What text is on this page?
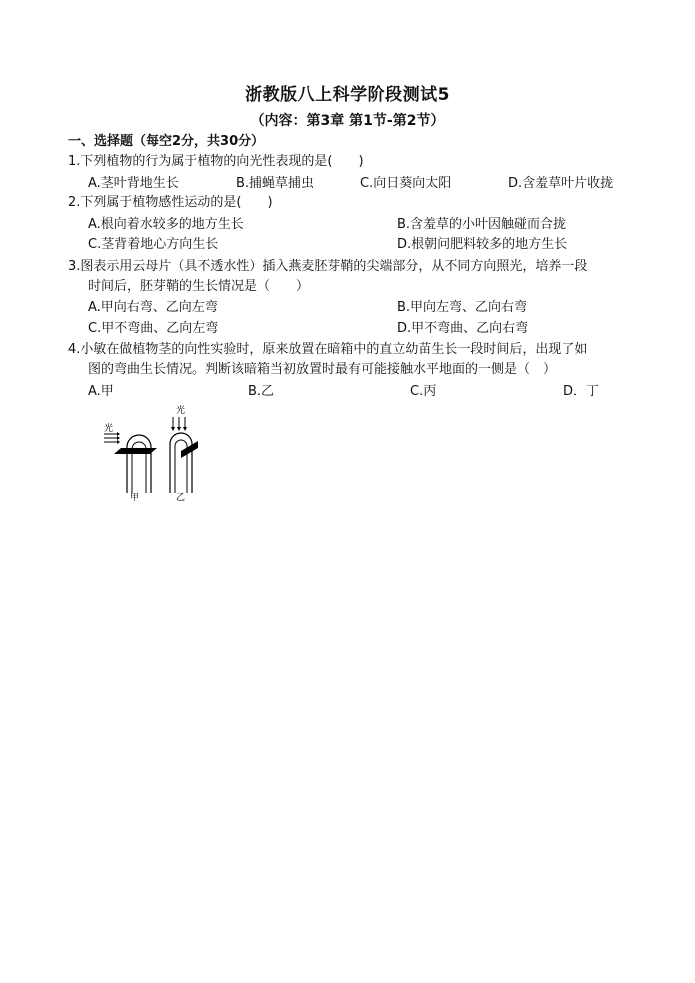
浙教版八上科学阶段测试5
（内容：第3章 第1节-第2节）
一、选择题（每空2分，共30分）
1.下列植物的行为属于植物的向光性表现的是(　　)
A.茎叶背地生长	B.捕蝇草捕虫	C.向日葵向太阳	D.含羞草叶片收拢
2.下列属于植物感性运动的是(　　)
A.根向着水较多的地方生长	B.含羞草的小叶因触碰而合拢
C.茎背着地心方向生长	D.根朝问肥料较多的地方生长
3.图表示用云母片（具不透水性）插入燕麦胚芽鞘的尖端部分，从不同方向照光，培养一段
时间后，胚芽鞘的生长情况是（　　）
A.甲向右弯、乙向左弯	B.甲向左弯、乙向右弯
C.甲不弯曲、乙向左弯	D.甲不弯曲、乙向右弯
4.小敏在做植物茎的向性实验时，原来放置在暗箱中的直立幼苗生长一段时间后，出现了如
图的弯曲生长情况。判断该暗箱当初放置时最有可能接触水平地面的一侧是（　）
A.甲	B.乙	C.丙	D．丁
光
甲
光
乙
